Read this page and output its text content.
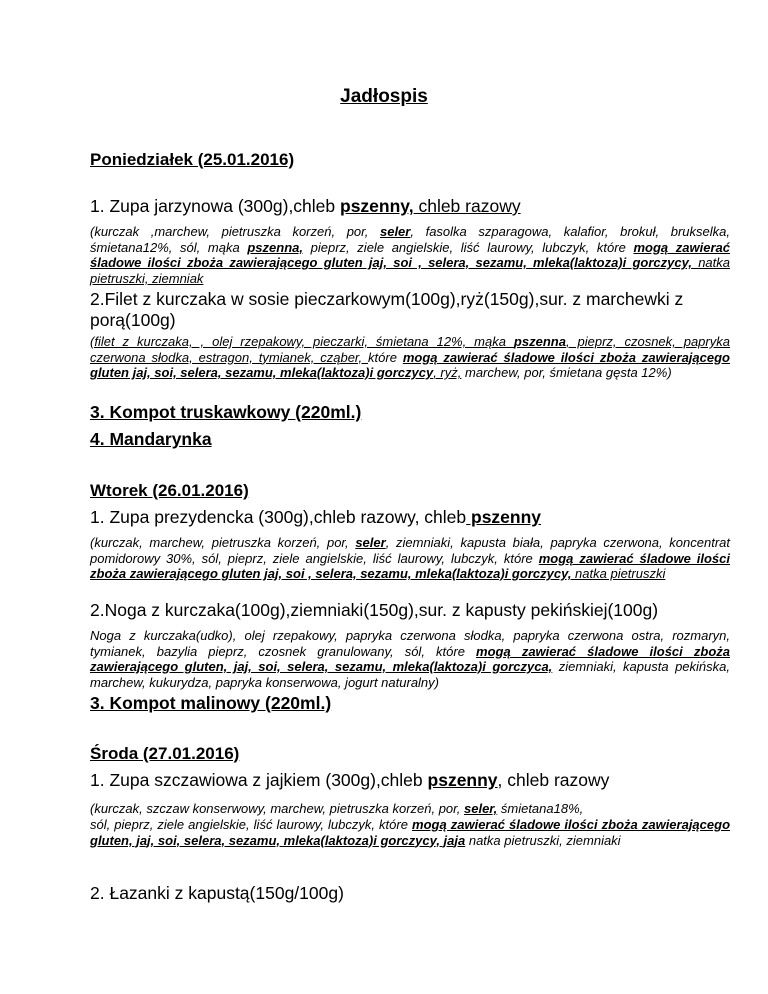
Jadłospis
Poniedziałek (25.01.2016)
1. Zupa jarzynowa (300g),chleb pszenny, chleb razowy
(kurczak ,marchew, pietruszka korzeń, por, seler, fasolka szparagowa, kalafior, brokuł, brukselka, śmietana12%, sól, mąka pszenna, pieprz, ziele angielskie, liść laurowy, lubczyk, które mogą zawierać śladowe ilości zboża zawierającego gluten jaj, soi , selera, sezamu, mleka(laktoza)i gorczycy, natka pietruszki, ziemniak
2.Filet z kurczaka w sosie pieczarkowym(100g),ryż(150g),sur. z marchewki z porą(100g)
(filet z kurczaka, , olej rzepakowy, pieczarki, śmietana 12%, mąka pszenna, pieprz, czosnek, papryka czerwona słodka, estragon, tymianek, cząber, które mogą zawierać śladowe ilości zboża zawierającego gluten jaj, soi, selera, sezamu, mleka(laktoza)i gorczycy, ryż, marchew, por, śmietana gęsta 12%)
3. Kompot truskawkowy (220ml.)
4. Mandarynka
Wtorek (26.01.2016)
1. Zupa prezydencka (300g),chleb razowy, chleb pszenny
(kurczak, marchew, pietruszka korzeń, por, seler, ziemniaki, kapusta biała, papryka czerwona, koncentrat pomidorowy 30%, sól, pieprz, ziele angielskie, liść laurowy, lubczyk, które mogą zawierać śladowe ilości zboża zawierającego gluten jaj, soi , selera, sezamu, mleka(laktoza)i gorczycy, natka pietruszki
2.Noga z kurczaka(100g),ziemniaki(150g),sur. z kapusty pekińskiej(100g)
Noga z kurczaka(udko), olej rzepakowy, papryka czerwona słodka, papryka czerwona ostra, rozmaryn, tymianek, bazylia pieprz, czosnek granulowany, sól, które mogą zawierać śladowe ilości zboża zawierającego gluten, jaj, soi, selera, sezamu, mleka(laktoza)i gorczyca, ziemniaki, kapusta pekińska, marchew, kukurydza, papryka konserwowa, jogurt naturalny)
3. Kompot malinowy (220ml.)
Środa (27.01.2016)
1. Zupa szczawiowa z jajkiem (300g),chleb pszenny, chleb razowy
(kurczak, szczaw konserwowy, marchew, pietruszka korzeń, por, seler, śmietana18%,
sól, pieprz, ziele angielskie, liść laurowy, lubczyk, które mogą zawierać śladowe ilości zboża zawierającego gluten, jaj, soi, selera, sezamu, mleka(laktoza)i gorczycy, jaja natka pietruszki, ziemniaki
2. Łazanki z kapustą(150g/100g)
